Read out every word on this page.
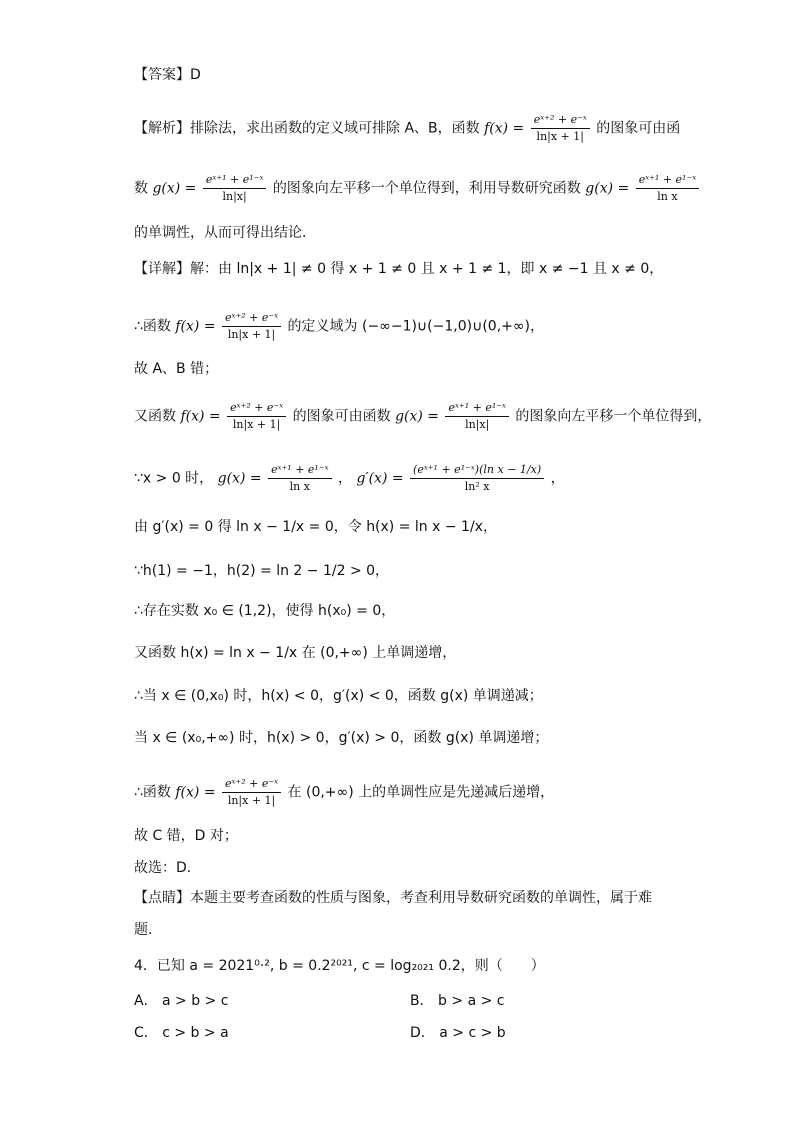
【答案】D
【解析】排除法，求出函数的定义域可排除 A、B，函数 $f(x) = \frac{\text{eˣ⁺² + e⁻ˣ}}{\ln|x + 1|}$ 的图象可由函
数 $g(x) = \frac{\text{eˣ⁺¹ + e¹⁻ˣ}}{\ln|x|}$ 的图象向左平移一个单位得到，利用导数研究函数 $g(x) = \frac{\text{eˣ⁺¹ + e¹⁻ˣ}}{\text{ln x}}$
的单调性，从而可得出结论．
【详解】解：由 ln|x + 1| ≠ 0 得 x + 1 ≠ 0 且 x + 1 ≠ 1，即 x ≠ −1 且 x ≠ 0，
∴函数 $f(x) = \frac{\text{eˣ⁺² + e⁻ˣ}}{\ln|x + 1|}$ 的定义域为 (−∞−1)∪(−1,0)∪(0,+∞)，
故 A、B 错；
又函数 $f(x) = \frac{\text{eˣ⁺² + e⁻ˣ}}{\ln|x + 1|}$ 的图象可由函数 $g(x) = \frac{\text{eˣ⁺¹ + e¹⁻ˣ}}{\ln|x|}$ 的图象向左平移一个单位得到，
∵x > 0 时， $g(x) = \frac{\text{eˣ⁺¹ + e¹⁻ˣ}}{\text{ln x}}$ ， $g'(x) = \frac{\text{(eˣ⁺¹ + e¹⁻ˣ)(ln x − 1/x)}}{\text{ln² x}}$ ，
由 g′(x) = 0 得 ln x − 1/x = 0，令 h(x) = ln x − 1/x，
∵h(1) = −1，h(2) = ln 2 − 1/2 > 0，
∴存在实数 x₀ ∈ (1,2)，使得 h(x₀) = 0，
又函数 h(x) = ln x − 1/x 在 (0,+∞) 上单调递增，
∴当 x ∈ (0,x₀) 时，h(x) < 0，g′(x) < 0，函数 g(x) 单调递减；
当 x ∈ (x₀,+∞) 时，h(x) > 0，g′(x) > 0，函数 g(x) 单调递增；
∴函数 $f(x) = \frac{\text{eˣ⁺² + e⁻ˣ}}{\ln|x + 1|}$ 在 (0,+∞) 上的单调性应是先递减后递增，
故 C 错，D 对；
故选：D．
【点睛】本题主要考查函数的性质与图象，考查利用导数研究函数的单调性，属于难
题．
4．已知 a = 2021⁰·², b = 0.2²⁰²¹, c = log₂₀₂₁ 0.2，则（　　）
A． a > b > c	B． b > a > c
C． c > b > a	D． a > c > b
